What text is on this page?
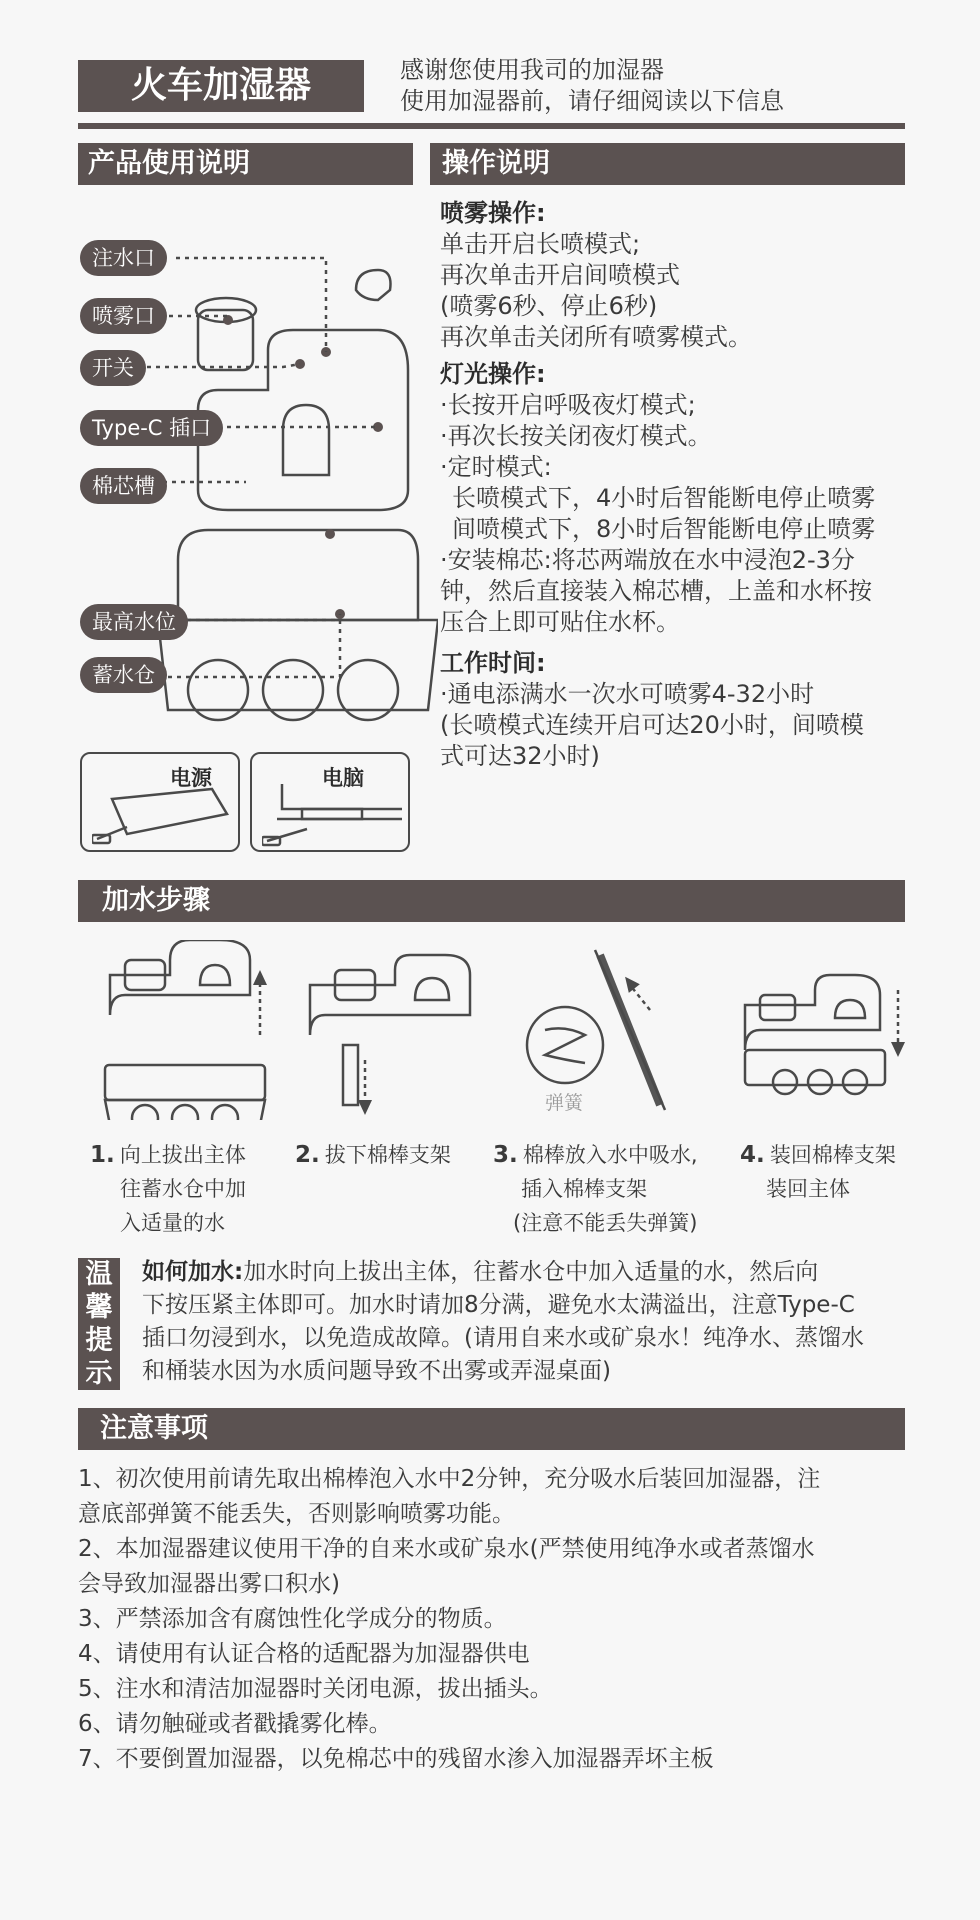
火车加湿器	感谢您使用我司的加湿器
使用加湿器前，请仔细阅读以下信息
产品使用说明
注水口
喷雾口
开关
Type-C 插口
棉芯槽
最高水位
蓄水仓
电源	电脑
操作说明
喷雾操作:
单击开启长喷模式;
再次单击开启间喷模式
(喷雾6秒、停止6秒)
再次单击关闭所有喷雾模式。
灯光操作:
·长按开启呼吸夜灯模式;
·再次长按关闭夜灯模式。
·定时模式:
长喷模式下，4小时后智能断电停止喷雾
间喷模式下，8小时后智能断电停止喷雾
·安装棉芯:将芯两端放在水中浸泡2-3分
钟，然后直接装入棉芯槽，上盖和水杯按
压合上即可贴住水杯。
工作时间:
·通电添满水一次水可喷雾4-32小时
(长喷模式连续开启可达20小时，间喷模
式可达32小时)
加水步骤
弹簧
1. 向上拔出主体
往蓄水仓中加
入适量的水
2. 拔下棉棒支架 3. 棉棒放入水中吸水,
插入棉棒支架
(注意不能丢失弹簧)
4. 装回棉棒支架
装回主体
温
馨
提
示
如何加水:加水时向上拔出主体，往蓄水仓中加入适量的水，然后向
下按压紧主体即可。加水时请加8分满，避免水太满溢出，注意Type-C
插口勿浸到水，以免造成故障。(请用自来水或矿泉水！纯净水、蒸馏水
和桶装水因为水质问题导致不出雾或弄湿桌面)
注意事项
1、初次使用前请先取出棉棒泡入水中2分钟，充分吸水后装回加湿器，注
意底部弹簧不能丢失，否则影响喷雾功能。
2、本加湿器建议使用干净的自来水或矿泉水(严禁使用纯净水或者蒸馏水
会导致加湿器出雾口积水)
3、严禁添加含有腐蚀性化学成分的物质。
4、请使用有认证合格的适配器为加湿器供电
5、注水和清洁加湿器时关闭电源，拔出插头。
6、请勿触碰或者戳撬雾化棒。
7、不要倒置加湿器，以免棉芯中的残留水渗入加湿器弄坏主板
